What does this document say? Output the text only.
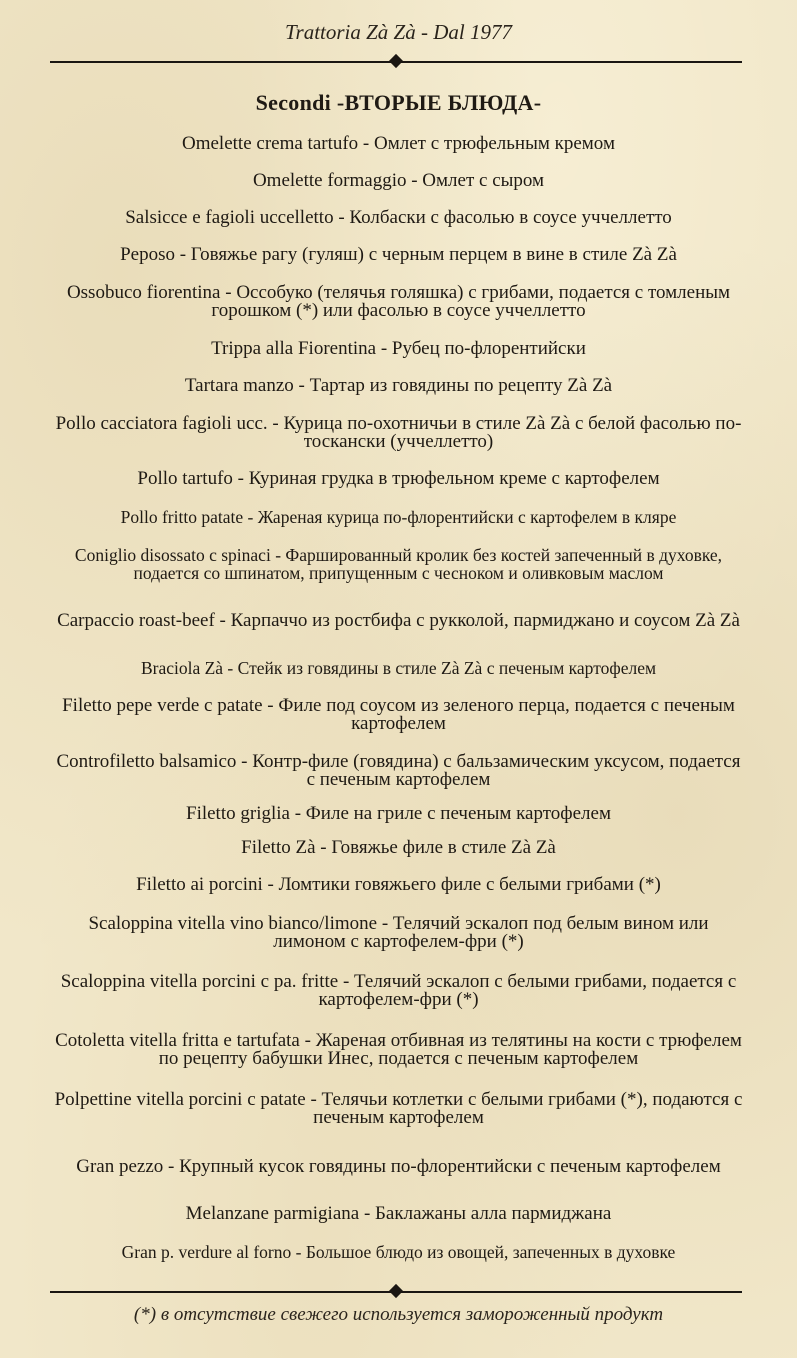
Trattoria Zà Zà - Dal 1977
Secondi -ВТОРЫЕ БЛЮДА-
Omelette crema tartufo - Омлет с трюфельным кремом
Omelette formaggio - Омлет с сыром
Salsicce e fagioli uccelletto - Колбаски с фасолью в соусе уччеллетто
Peposo - Говяжье рагу (гуляш) с черным перцем в вине в стиле Zà Zà
Ossobuco fiorentina - Оссобуко (телячья голяшка) с грибами, подается с томленым горошком (*) или фасолью в соусе уччеллетто
Trippa alla Fiorentina - Рубец по-флорентийски
Tartara manzo - Тартар из говядины по рецепту Zà Zà
Pollo cacciatora fagioli ucc. - Курица по-охотничьи в стиле Zà Zà с белой фасолью по-тоскански (уччеллетто)
Pollo tartufo - Куриная грудка в трюфельном креме с картофелем
Pollo fritto patate - Жареная курица по-флорентийски с картофелем в кляре
Coniglio disossato c spinaci - Фаршированный кролик без костей запеченный в духовке, подается со шпинатом, припущенным с чесноком и оливковым маслом
Carpaccio roast-beef - Карпаччо из ростбифа с рукколой, пармиджано и соусом Zà Zà
Braciola Zà - Стейк из говядины в стиле Zà Zà с печеным картофелем
Filetto pepe verde c patate - Филе под соусом из зеленого перца, подается с печеным картофелем
Controfiletto balsamico - Контр-филе (говядина) с бальзамическим уксусом, подается с печеным картофелем
Filetto griglia - Филе на гриле с печеным картофелем
Filetto Zà - Говяжье филе в стиле Zà Zà
Filetto ai porcini - Ломтики говяжьего филе с белыми грибами (*)
Scaloppina vitella vino bianco/limone - Телячий эскалоп под белым вином или лимоном с картофелем-фри (*)
Scaloppina vitella porcini c pa. fritte - Телячий эскалоп с белыми грибами, подается с картофелем-фри (*)
Cotoletta vitella fritta e tartufata - Жареная отбивная из телятины на кости с трюфелем по рецепту бабушки Инес, подается с печеным картофелем
Polpettine vitella porcini c patate - Телячьи котлетки с белыми грибами (*), подаются с печеным картофелем
Gran pezzo - Крупный кусок говядины по-флорентийски с печеным картофелем
Melanzane parmigiana - Баклажаны алла пармиджана
Gran p. verdure al forno - Большое блюдо из овощей, запеченных в духовке
(*) в отсутствие свежего используется замороженный продукт
